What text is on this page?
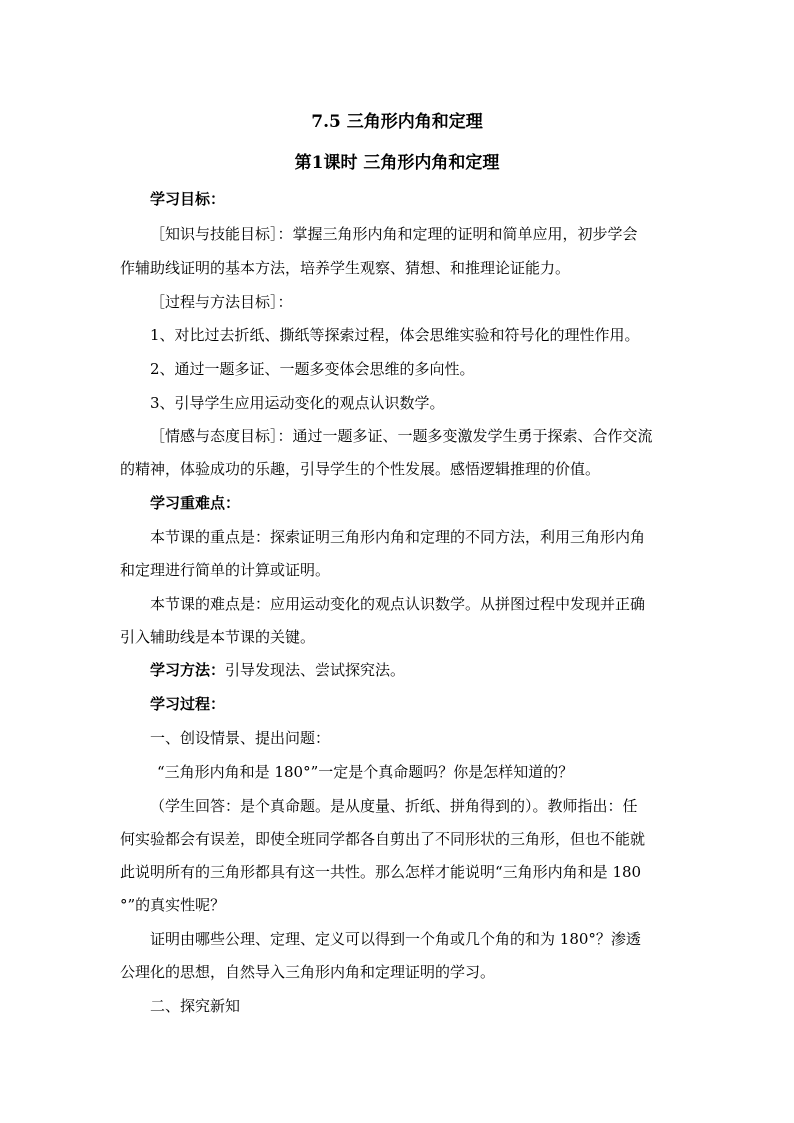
7.5 三角形内角和定理
第1课时 三角形内角和定理
学习目标：
［知识与技能目标］：掌握三角形内角和定理的证明和简单应用，初步学会
作辅助线证明的基本方法，培养学生观察、猜想、和推理论证能力。
［过程与方法目标］：
1、对比过去折纸、撕纸等探索过程，体会思维实验和符号化的理性作用。
2、通过一题多证、一题多变体会思维的多向性。
3、引导学生应用运动变化的观点认识数学。
［情感与态度目标］：通过一题多证、一题多变激发学生勇于探索、合作交流
的精神，体验成功的乐趣，引导学生的个性发展。感悟逻辑推理的价值。
学习重难点：
本节课的重点是：探索证明三角形内角和定理的不同方法，利用三角形内角
和定理进行简单的计算或证明。
本节课的难点是：应用运动变化的观点认识数学。从拼图过程中发现并正确
引入辅助线是本节课的关键。
学习方法：引导发现法、尝试探究法。
学习过程：
一、创设情景、提出问题：
“三角形内角和是 180°”一定是个真命题吗？你是怎样知道的？
（学生回答：是个真命题。是从度量、折纸、拼角得到的）。教师指出：任
何实验都会有误差，即使全班同学都各自剪出了不同形状的三角形，但也不能就
此说明所有的三角形都具有这一共性。那么怎样才能说明“三角形内角和是 180
°”的真实性呢？
证明由哪些公理、定理、定义可以得到一个角或几个角的和为 180°？渗透
公理化的思想，自然导入三角形内角和定理证明的学习。
二、探究新知
